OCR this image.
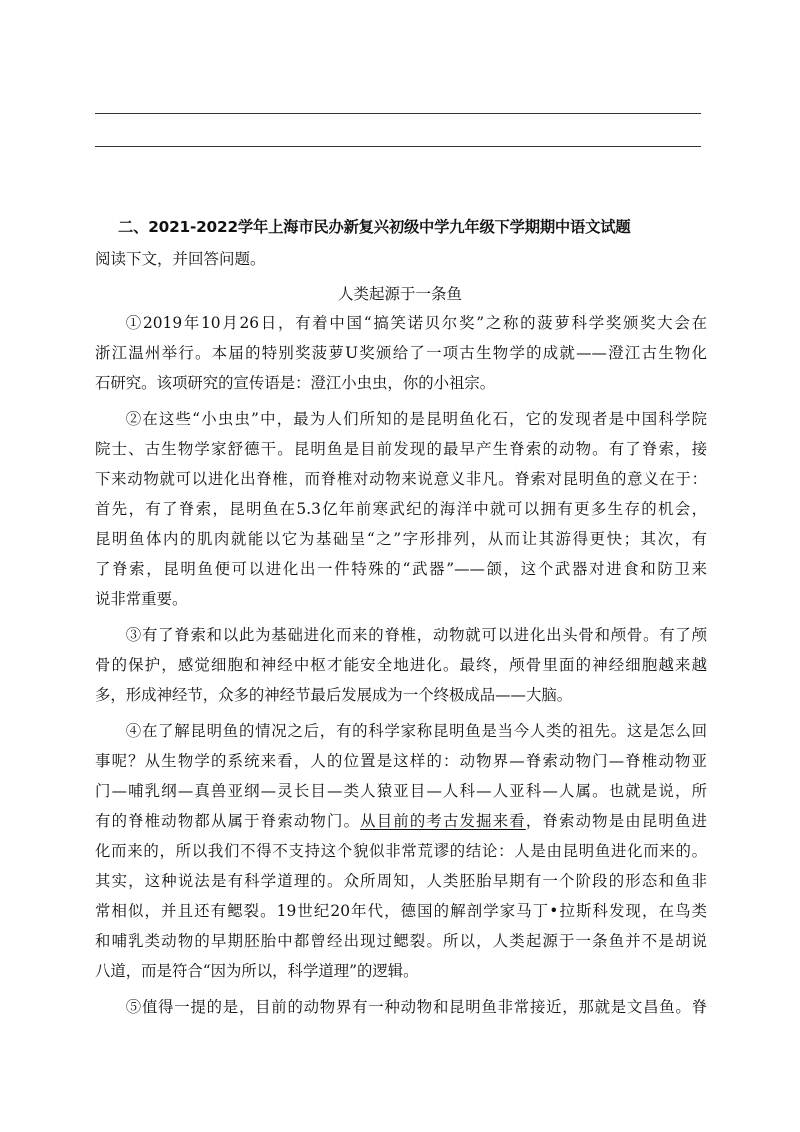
二、2021-2022学年上海市民办新复兴初级中学九年级下学期期中语文试题
阅读下文，并回答问题。
人类起源于一条鱼
①2019年10月26日，有着中国“搞笑诺贝尔奖”之称的菠萝科学奖颁奖大会在
浙江温州举行。本届的特别奖菠萝U奖颁给了一项古生物学的成就——澄江古生物化
石研究。该项研究的宣传语是：澄江小虫虫，你的小祖宗。
②在这些“小虫虫”中，最为人们所知的是昆明鱼化石，它的发现者是中国科学院
院士、古生物学家舒德干。昆明鱼是目前发现的最早产生脊索的动物。有了脊索，接
下来动物就可以进化出脊椎，而脊椎对动物来说意义非凡。脊索对昆明鱼的意义在于：
首先，有了脊索，昆明鱼在5.3亿年前寒武纪的海洋中就可以拥有更多生存的机会，
昆明鱼体内的肌肉就能以它为基础呈“之”字形排列，从而让其游得更快；其次，有
了脊索，昆明鱼便可以进化出一件特殊的“武器”——颌，这个武器对进食和防卫来
说非常重要。
③有了脊索和以此为基础进化而来的脊椎，动物就可以进化出头骨和颅骨。有了颅
骨的保护，感觉细胞和神经中枢才能安全地进化。最终，颅骨里面的神经细胞越来越
多，形成神经节，众多的神经节最后发展成为一个终极成品——大脑。
④在了解昆明鱼的情况之后，有的科学家称昆明鱼是当今人类的祖先。这是怎么回
事呢？从生物学的系统来看，人的位置是这样的：动物界—脊索动物门—脊椎动物亚
门—哺乳纲—真兽亚纲—灵长目—类人猿亚目—人科—人亚科—人属。也就是说，所
有的脊椎动物都从属于脊索动物门。从目前的考古发掘来看，脊索动物是由昆明鱼进
化而来的，所以我们不得不支持这个貌似非常荒谬的结论：人是由昆明鱼进化而来的。
其实，这种说法是有科学道理的。众所周知，人类胚胎早期有一个阶段的形态和鱼非
常相似，并且还有鳃裂。19世纪20年代，德国的解剖学家马丁•拉斯科发现，在鸟类
和哺乳类动物的早期胚胎中都曾经出现过鳃裂。所以，人类起源于一条鱼并不是胡说
八道，而是符合“因为所以，科学道理”的逻辑。
⑤值得一提的是，目前的动物界有一种动物和昆明鱼非常接近，那就是文昌鱼。脊
